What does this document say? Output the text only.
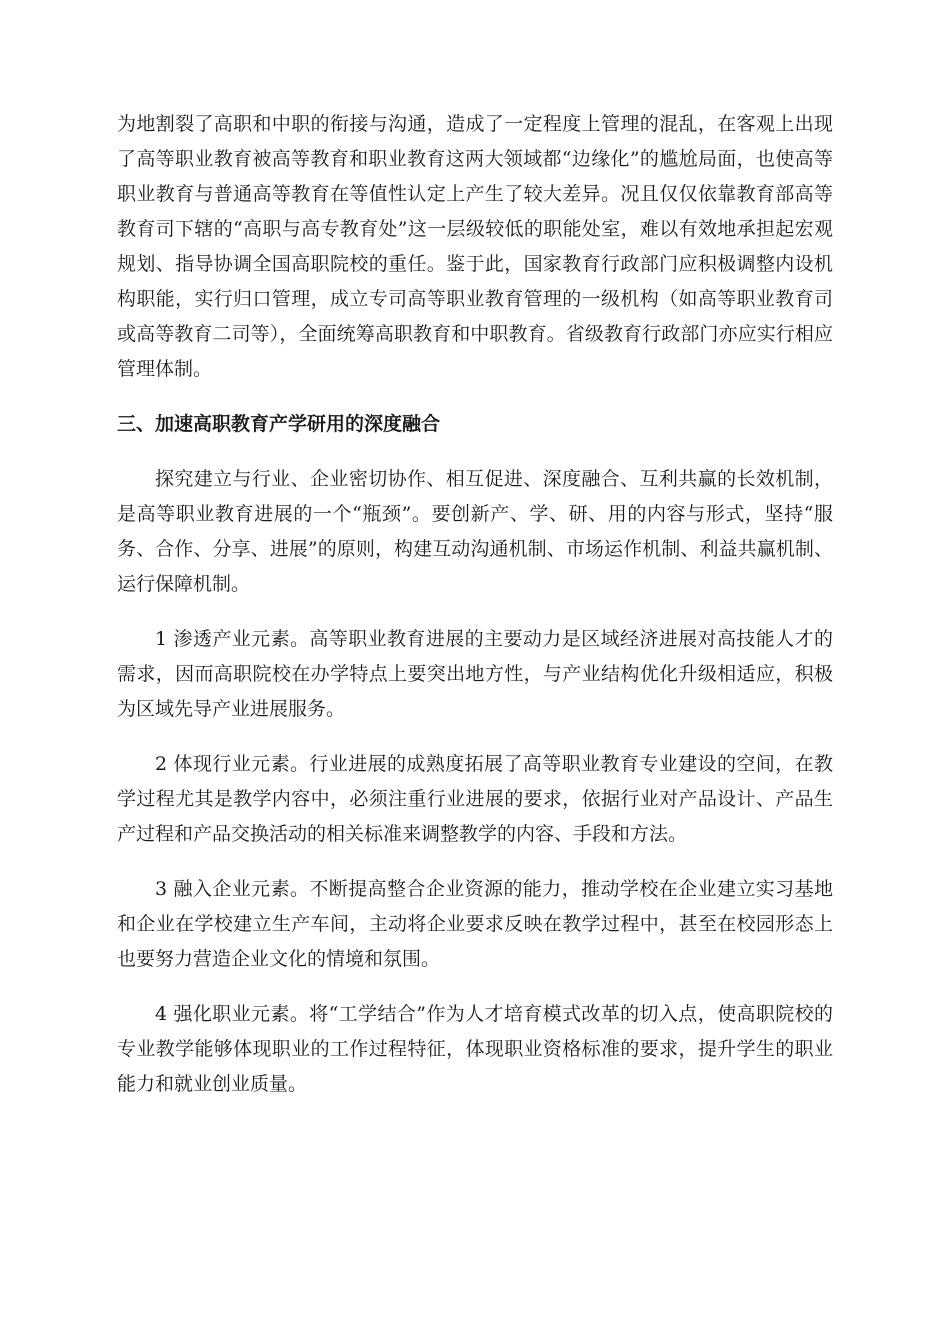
为地割裂了高职和中职的衔接与沟通，造成了一定程度上管理的混乱，在客观上出现了高等职业教育被高等教育和职业教育这两大领域都“边缘化”的尴尬局面，也使高等职业教育与普通高等教育在等值性认定上产生了较大差异。况且仅仅依靠教育部高等教育司下辖的“高职与高专教育处”这一层级较低的职能处室，难以有效地承担起宏观规划、指导协调全国高职院校的重任。鉴于此，国家教育行政部门应积极调整内设机构职能，实行归口管理，成立专司高等职业教育管理的一级机构（如高等职业教育司或高等教育二司等），全面统筹高职教育和中职教育。省级教育行政部门亦应实行相应管理体制。

三、加速高职教育产学研用的深度融合

探究建立与行业、企业密切协作、相互促进、深度融合、互利共赢的长效机制，是高等职业教育进展的一个“瓶颈”。要创新产、学、研、用的内容与形式，坚持“服务、合作、分享、进展”的原则，构建互动沟通机制、市场运作机制、利益共赢机制、运行保障机制。

1 渗透产业元素。高等职业教育进展的主要动力是区域经济进展对高技能人才的需求，因而高职院校在办学特点上要突出地方性，与产业结构优化升级相适应，积极为区域先导产业进展服务。

2 体现行业元素。行业进展的成熟度拓展了高等职业教育专业建设的空间，在教学过程尤其是教学内容中，必须注重行业进展的要求，依据行业对产品设计、产品生产过程和产品交换活动的相关标准来调整教学的内容、手段和方法。

3 融入企业元素。不断提高整合企业资源的能力，推动学校在企业建立实习基地和企业在学校建立生产车间，主动将企业要求反映在教学过程中，甚至在校园形态上也要努力营造企业文化的情境和氛围。

4 强化职业元素。将“工学结合”作为人才培育模式改革的切入点，使高职院校的专业教学能够体现职业的工作过程特征，体现职业资格标准的要求，提升学生的职业能力和就业创业质量。
